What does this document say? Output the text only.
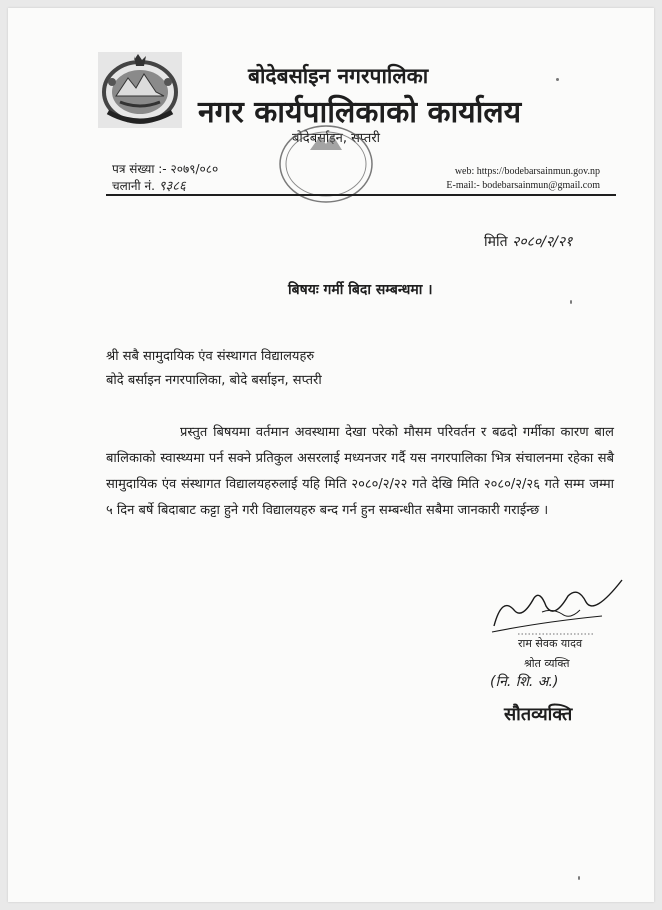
बोदेबर्साइन नगरपालिका
नगर कार्यपालिकाको कार्यालय
बोदेबर्साइन, सप्तरी
पत्र संख्या :- २०७९/०८०
चलानी नं. ९३८६
web: https://bodebarsainmun.gov.np
E-mail:- bodebarsainmun@gmail.com
मिति २०८०/२/२१
बिषयः गर्मी बिदा सम्बन्धमा ।
श्री सबै सामुदायिक एंव संस्थागत विद्यालयहरु
बोदे बर्साइन नगरपालिका, बोदे बर्साइन, सप्तरी
प्रस्तुत बिषयमा वर्तमान अवस्थामा देखा परेको मौसम परिवर्तन र बढदो गर्मीका कारण बाल बालिकाको स्वास्थ्यमा पर्न सक्ने प्रतिकुल असरलाई मध्यनजर गर्दै यस नगरपालिका भित्र संचालनमा रहेका सबै सामुदायिक एंव संस्थागत विद्यालयहरुलाई यहि मिति २०८०/२/२२ गते देखि मिति २०८०/२/२६ गते सम्म जम्मा ५ दिन बर्षे बिदाबाट कट्टा हुने गरी विद्यालयहरु बन्द गर्न हुन सम्बन्धीत सबैमा जानकारी गराईन्छ ।
राम सेवक यादव
श्रोत व्यक्ति
(नि. शि. अ.)
सौतव्यक्ति
